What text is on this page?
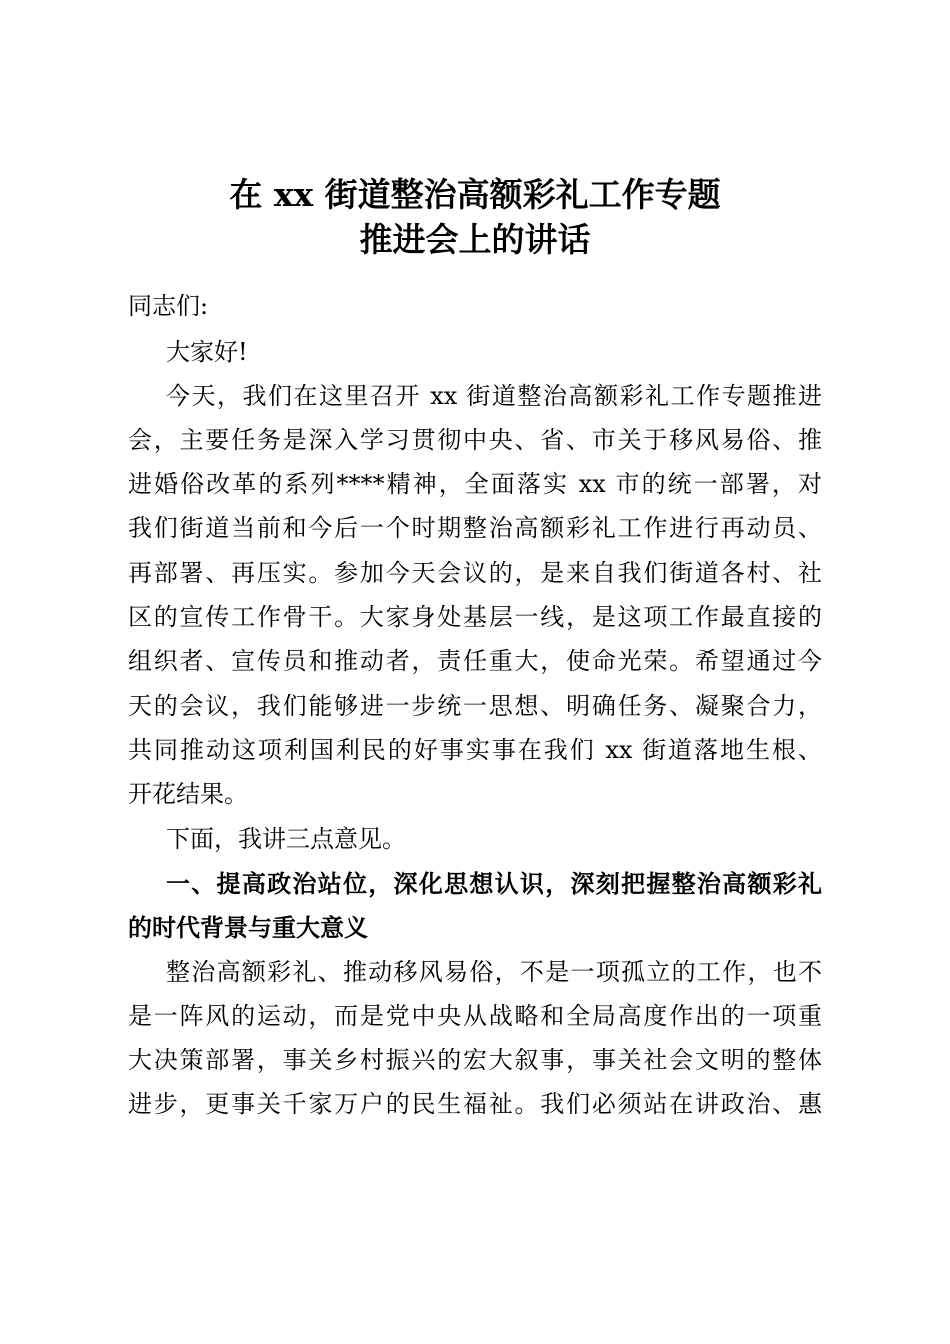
在 xx 街道整治高额彩礼工作专题
推进会上的讲话
同志们:
大家好!
今天，我们在这里召开 xx 街道整治高额彩礼工作专题推进
会，主要任务是深入学习贯彻中央、省、市关于移风易俗、推
进婚俗改革的系列****精神，全面落实 xx 市的统一部署，对
我们街道当前和今后一个时期整治高额彩礼工作进行再动员、
再部署、再压实。参加今天会议的，是来自我们街道各村、社
区的宣传工作骨干。大家身处基层一线，是这项工作最直接的
组织者、宣传员和推动者，责任重大，使命光荣。希望通过今
天的会议，我们能够进一步统一思想、明确任务、凝聚合力，
共同推动这项利国利民的好事实事在我们 xx 街道落地生根、
开花结果。
下面，我讲三点意见。
一、提高政治站位，深化思想认识，深刻把握整治高额彩礼
的时代背景与重大意义
整治高额彩礼、推动移风易俗，不是一项孤立的工作，也不
是一阵风的运动，而是党中央从战略和全局高度作出的一项重
大决策部署，事关乡村振兴的宏大叙事，事关社会文明的整体
进步，更事关千家万户的民生福祉。我们必须站在讲政治、惠
